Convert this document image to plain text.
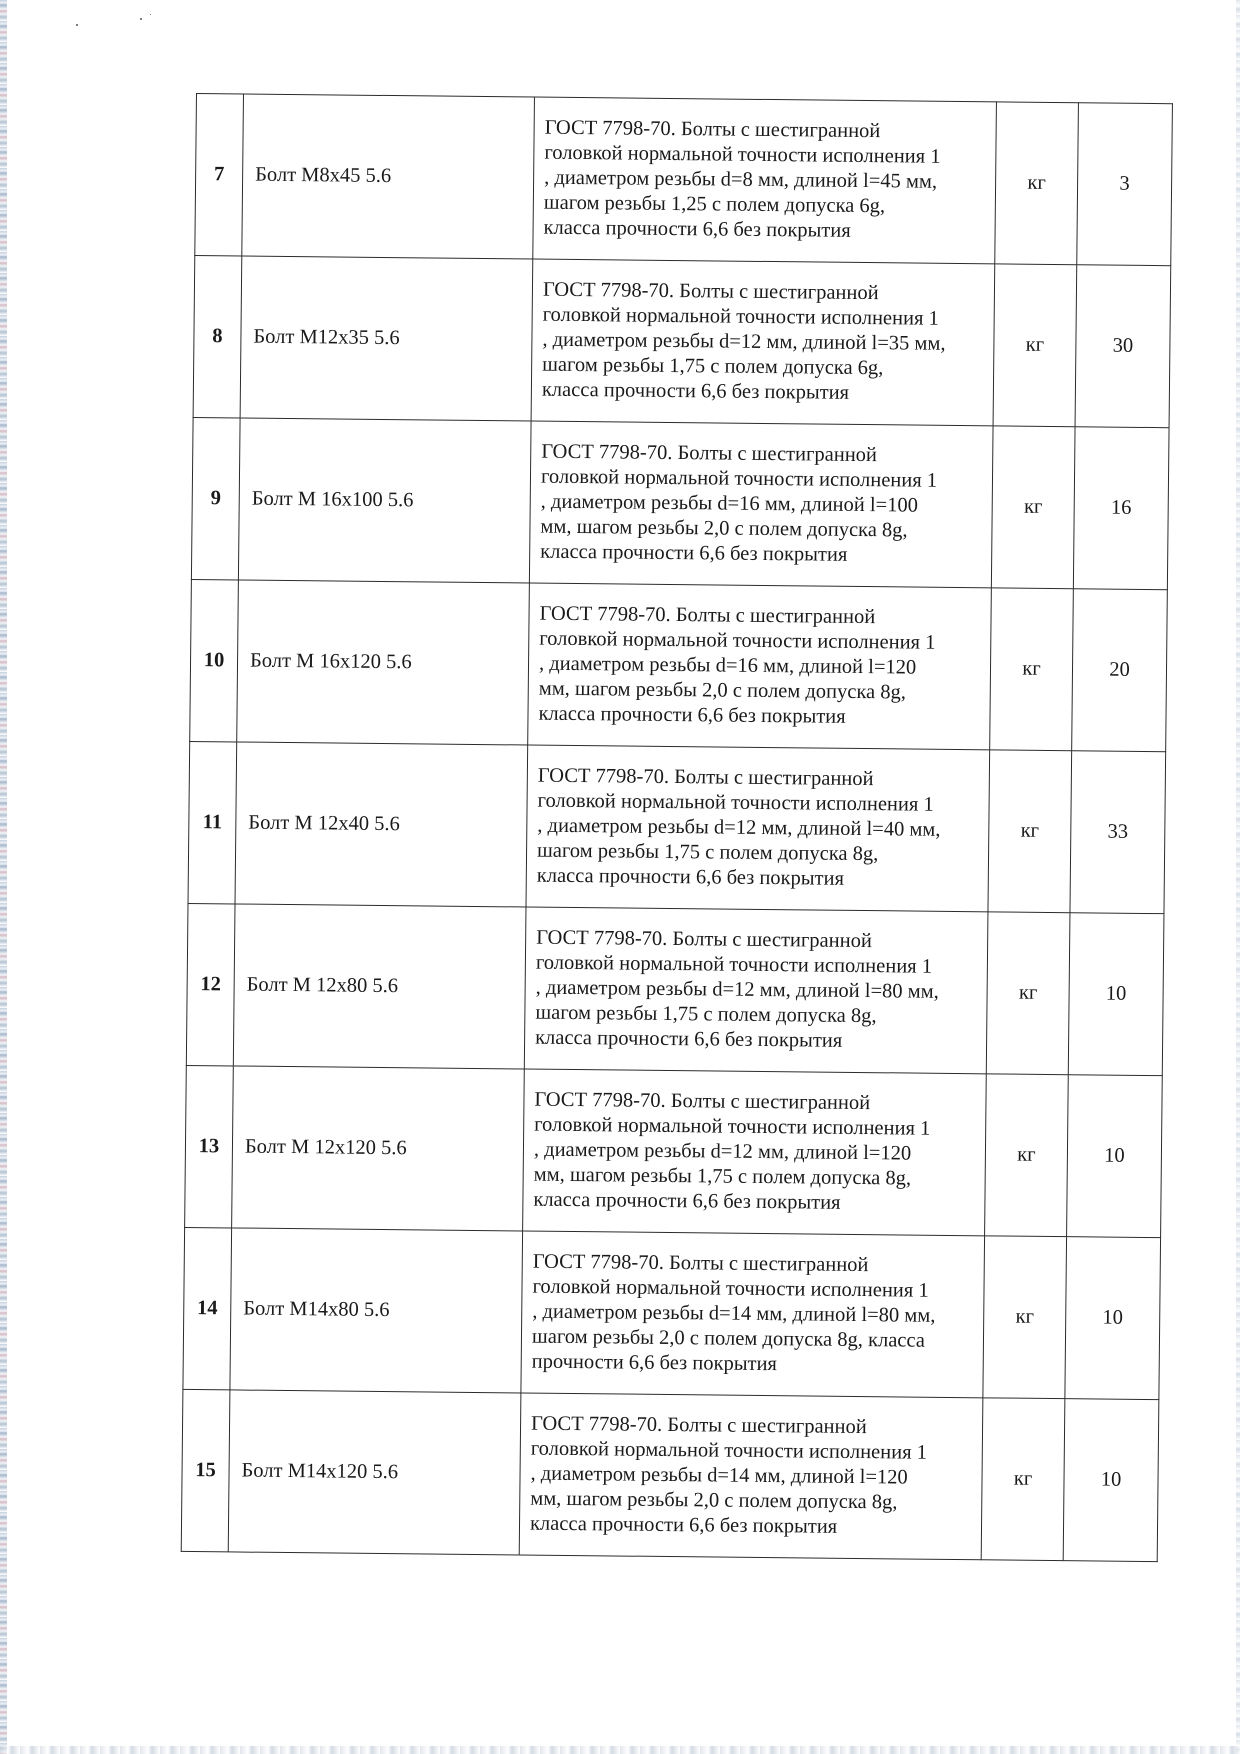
7	Болт М8х45 5.6	ГОСТ 7798-70. Болты с шестигранной
головкой нормальной точности исполнения 1
, диаметром резьбы d=8 мм, длиной l=45 мм,
шагом резьбы 1,25 с полем допуска 6g,
класса прочности 6,6 без покрытия	кг	3
8	Болт М12х35 5.6	ГОСТ 7798-70. Болты с шестигранной
головкой нормальной точности исполнения 1
, диаметром резьбы d=12 мм, длиной l=35 мм,
шагом резьбы 1,75 с полем допуска 6g,
класса прочности 6,6 без покрытия	кг	30
9	Болт М 16х100 5.6	ГОСТ 7798-70. Болты с шестигранной
головкой нормальной точности исполнения 1
, диаметром резьбы d=16 мм, длиной l=100
мм, шагом резьбы 2,0 с полем допуска 8g,
класса прочности 6,6 без покрытия	кг	16
10	Болт М 16х120 5.6	ГОСТ 7798-70. Болты с шестигранной
головкой нормальной точности исполнения 1
, диаметром резьбы d=16 мм, длиной l=120
мм, шагом резьбы 2,0 с полем допуска 8g,
класса прочности 6,6 без покрытия	кг	20
11	Болт М 12х40 5.6	ГОСТ 7798-70. Болты с шестигранной
головкой нормальной точности исполнения 1
, диаметром резьбы d=12 мм, длиной l=40 мм,
шагом резьбы 1,75 с полем допуска 8g,
класса прочности 6,6 без покрытия	кг	33
12	Болт М 12х80 5.6	ГОСТ 7798-70. Болты с шестигранной
головкой нормальной точности исполнения 1
, диаметром резьбы d=12 мм, длиной l=80 мм,
шагом резьбы 1,75 с полем допуска 8g,
класса прочности 6,6 без покрытия	кг	10
13	Болт М 12х120 5.6	ГОСТ 7798-70. Болты с шестигранной
головкой нормальной точности исполнения 1
, диаметром резьбы d=12 мм, длиной l=120
мм, шагом резьбы 1,75 с полем допуска 8g,
класса прочности 6,6 без покрытия	кг	10
14	Болт М14х80 5.6	ГОСТ 7798-70. Болты с шестигранной
головкой нормальной точности исполнения 1
, диаметром резьбы d=14 мм, длиной l=80 мм,
шагом резьбы 2,0 с полем допуска 8g, класса
прочности 6,6 без покрытия	кг	10
15	Болт М14х120 5.6	ГОСТ 7798-70. Болты с шестигранной
головкой нормальной точности исполнения 1
, диаметром резьбы d=14 мм, длиной l=120
мм, шагом резьбы 2,0 с полем допуска 8g,
класса прочности 6,6 без покрытия	кг	10
